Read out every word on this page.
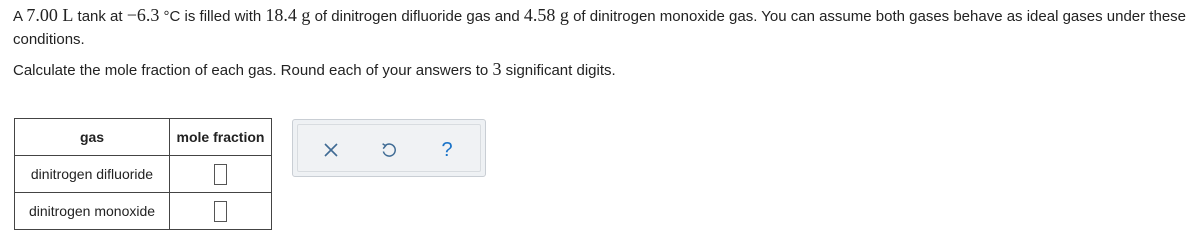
A 7.00 L tank at −6.3 °C is filled with 18.4 g of dinitrogen difluoride gas and 4.58 g of dinitrogen monoxide gas. You can assume both gases behave as ideal gases under these conditions.
Calculate the mole fraction of each gas. Round each of your answers to 3 significant digits.
gas	mole fraction
dinitrogen difluoride	
dinitrogen monoxide	
?
